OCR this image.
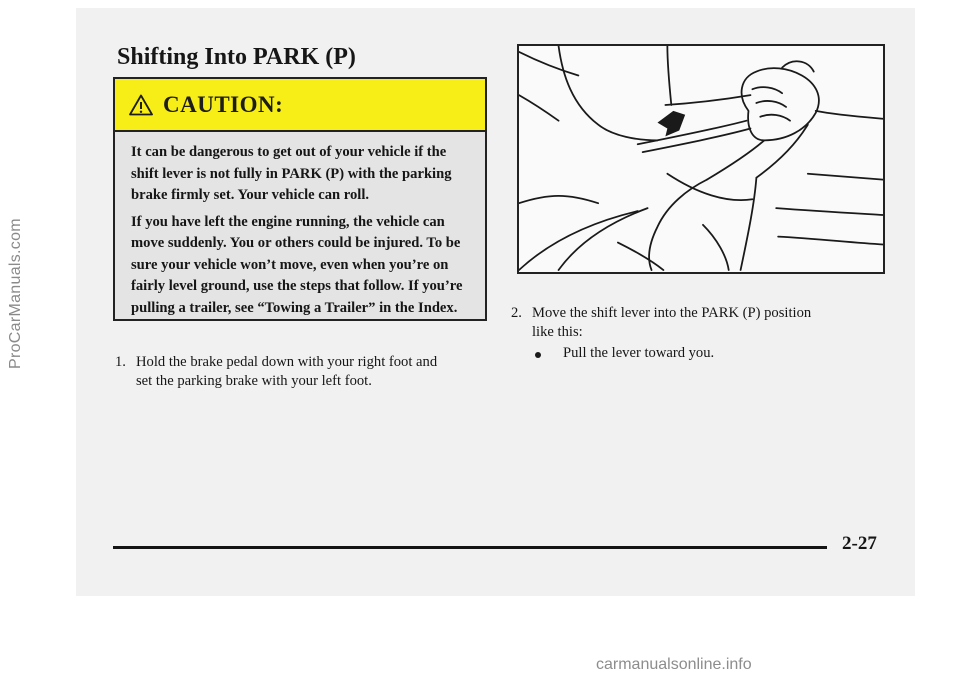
ProCarManuals.com
Shifting Into PARK (P)
CAUTION:

It can be dangerous to get out of your vehicle if the shift lever is not fully in PARK (P) with the parking brake firmly set. Your vehicle can roll.

If you have left the engine running, the vehicle can move suddenly. You or others could be injured. To be sure your vehicle won’t move, even when you’re on fairly level ground, use the steps that follow. If you’re pulling a trailer, see “Towing a Trailer” in the Index.

1. Hold the brake pedal down with your right foot and
set the parking brake with your left foot.
2. Move the shift lever into the PARK (P) position
like this:
Pull the lever toward you.
2-27
carmanualsonline.info
